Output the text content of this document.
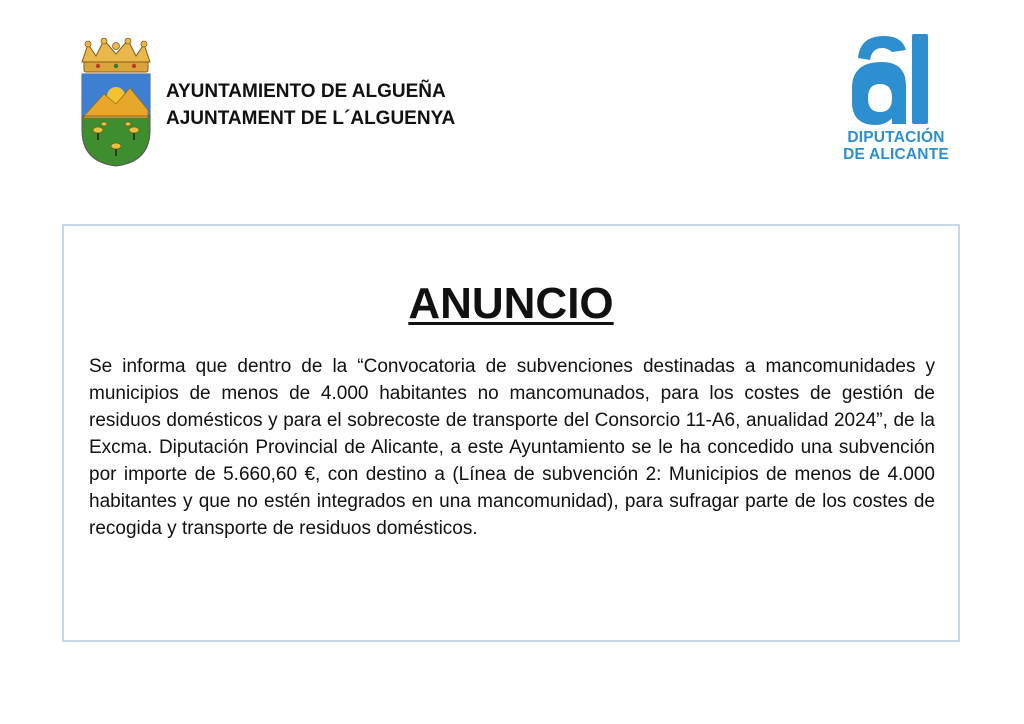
AYUNTAMIENTO DE ALGUEÑA
AJUNTAMENT DE L´ALGUENYA
DIPUTACIÓN
DE ALICANTE
ANUNCIO
Se informa que dentro de la “Convocatoria de subvenciones destinadas a mancomunidades y municipios de menos de 4.000 habitantes no mancomunados, para los costes de gestión de residuos domésticos y para el sobrecoste de transporte del Consorcio 11-A6, anualidad 2024”, de la Excma. Diputación Provincial de Alicante, a este Ayuntamiento se le ha concedido una subvención por importe de 5.660,60 €, con destino a (Línea de subvención 2: Municipios de menos de 4.000 habitantes y que no estén integrados en una mancomunidad), para sufragar parte de los costes de recogida y transporte de residuos domésticos.
